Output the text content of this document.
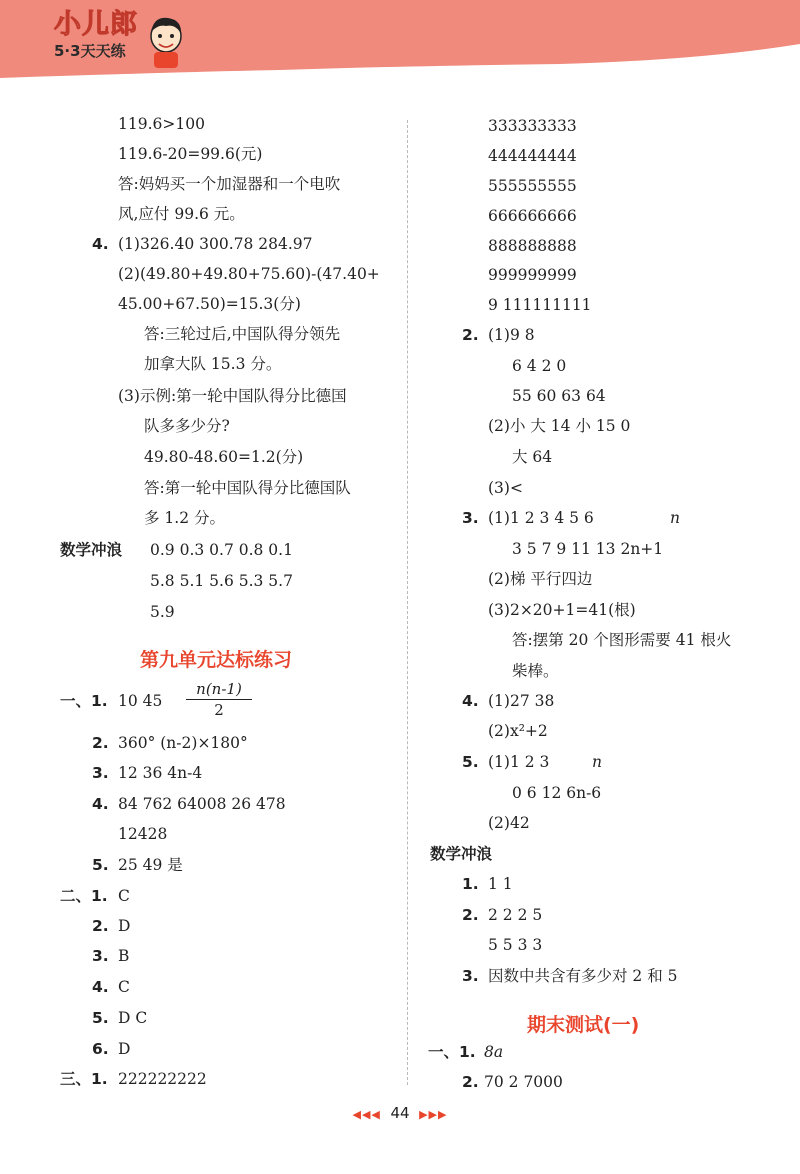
小儿郎
5·3天天练
119.6>100
119.6-20=99.6(元)
答:妈妈买一个加湿器和一个电吹
风,应付 99.6 元。
4. (1)326.40 300.78 284.97
(2)(49.80+49.80+75.60)-(47.40+
45.00+67.50)=15.3(分)
答:三轮过后,中国队得分领先
加拿大队 15.3 分。
(3)示例:第一轮中国队得分比德国
队多多少分?
49.80-48.60=1.2(分)
答:第一轮中国队得分比德国队
多 1.2 分。
数学冲浪 0.9 0.3 0.7 0.8 0.1
5.8 5.1 5.6 5.3 5.7
5.9
第九单元达标练习
一、1. 10 45
n(n-1)
2
2. 360° (n-2)×180°
3. 12 36 4n-4
4. 84 762 64008 26 478
12428
5. 25 49 是
二、1. C
2. D
3. B
4. C
5. D C
6. D
三、1. 222222222
333333333
444444444
555555555
666666666
888888888
999999999
9 111111111
2. (1)9 8
6 4 2 0
55 60 63 64
(2)小 大 14 小 15 0
大 64
(3)<
3. (1)1 2 3 4 5 6	n
3 5 7 9 11 13 2n+1
(2)梯 平行四边
(3)2×20+1=41(根)
答:摆第 20 个图形需要 41 根火
柴棒。
4. (1)27 38
(2)x²+2
5. (1)1 2 3	n
0 6 12 6n-6
(2)42
数学冲浪
1. 1 1
2. 2 2 2 5
5 5 3 3
3. 因数中共含有多少对 2 和 5
期末测试(一)
一、1. 8a
2. 70 2 7000
◀◀◀ 44 ▶▶▶
